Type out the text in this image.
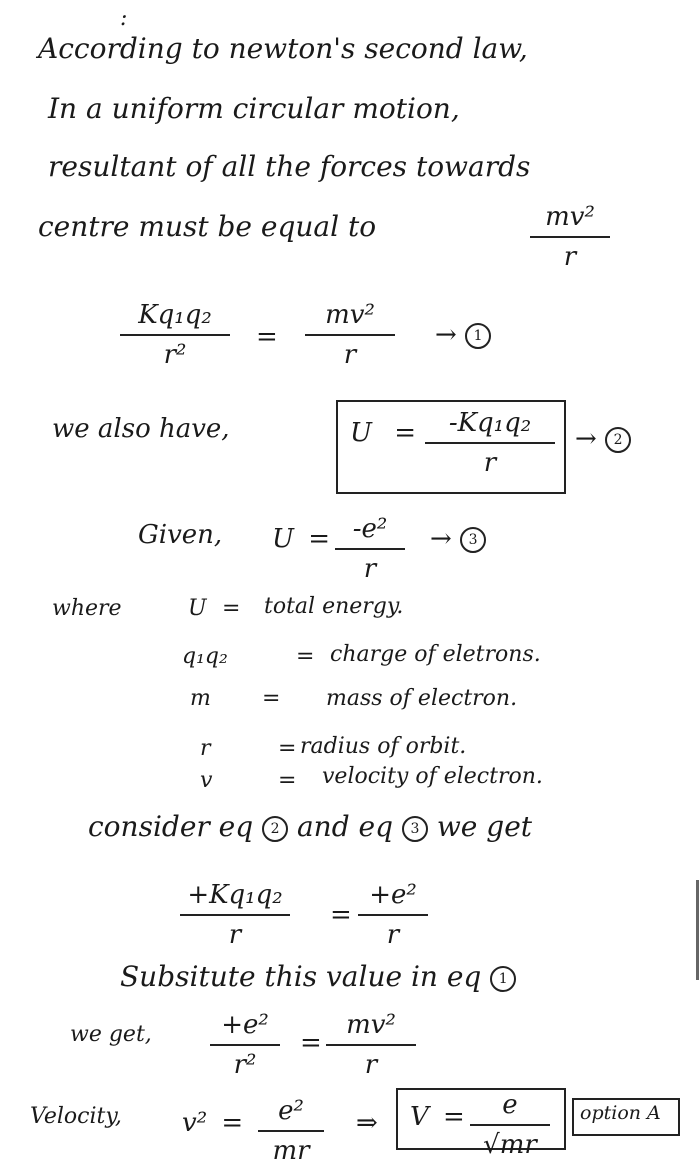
:
According to newton's second law,
In a uniform circular motion,
resultant of all the forces towards
centre must be equal to	mv²
r
Kq₁q₂
r²
=
mv²
r
→ 1
we also have,	U =	-Kq₁q₂
r
→ 2
Given, U = -e²
r
→ 3
where	U = total energy.
q₁q₂	= charge of eletrons.
m = mass of electron.
r	= radius of orbit.
v	= velocity of electron.
consider eq 2 and eq 3 we get
+Kq₁q₂
r
=
+e²
r
Subsitute this value in eq 1
we get,	+e²
r²
=
mv²
r
Velocity, v² =	e²
mr
⇒ V =	e
√mr
option A
